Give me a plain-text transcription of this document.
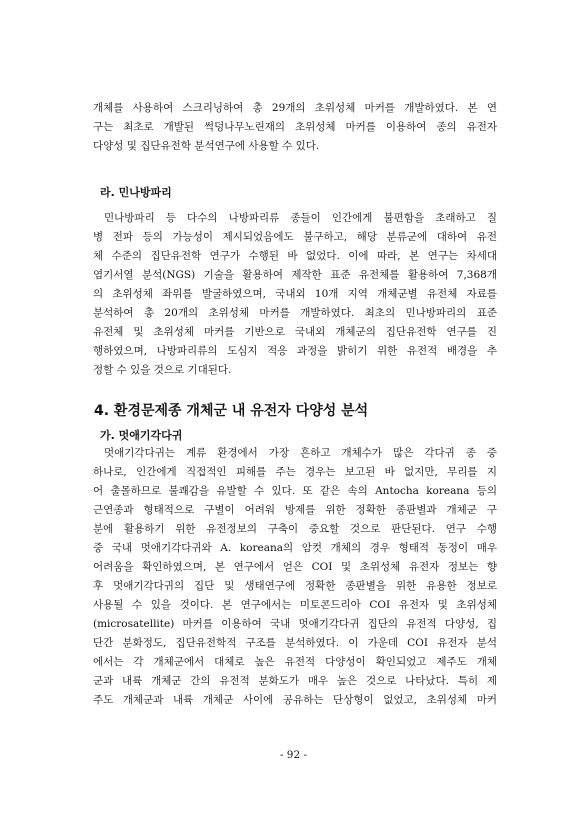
개체를 사용하여 스크리닝하여 총 29개의 초위성체 마커를 개발하였다. 본 연
구는 최초로 개발된 썩덩나무노린재의 초위성체 마커를 이용하여 종의 유전자
다양성 및 집단유전학 분석연구에 사용할 수 있다.
라. 민나방파리
민나방파리 등 다수의 나방파리류 종들이 인간에게 불편함을 초래하고 질
병 전파 등의 가능성이 제시되었음에도 불구하고, 해당 분류군에 대하여 유전
체 수준의 집단유전학 연구가 수행된 바 없었다. 이에 따라, 본 연구는 차세대
염기서열 분석(NGS) 기술을 활용하여 제작한 표준 유전체를 활용하여 7,368개
의 초위성체 좌위를 발굴하였으며, 국내외 10개 지역 개체군별 유전체 자료를
분석하여 총 20개의 초위성체 마커를 개발하였다. 최초의 민나방파리의 표준
유전체 및 초위성체 마커를 기반으로 국내외 개체군의 집단유전학 연구를 진
행하였으며, 나방파리류의 도심지 적응 과정을 밝히기 위한 유전적 배경을 추
정할 수 있을 것으로 기대된다.
4. 환경문제종 개체군 내 유전자 다양성 분석
가. 멋애기각다귀
멋애기각다귀는 계류 환경에서 가장 흔하고 개체수가 많은 각다귀 종 중
하나로, 인간에게 직접적인 피해를 주는 경우는 보고된 바 없지만, 무리를 지
어 출몰하므로 불쾌감을 유발할 수 있다. 또 같은 속의 Antocha koreana 등의
근연종과 형태적으로 구별이 어려워 방제를 위한 정확한 종판별과 개체군 구
분에 활용하기 위한 유전정보의 구축이 중요할 것으로 판단된다. 연구 수행
중 국내 멋애기각다귀와 A. koreana의 암컷 개체의 경우 형태적 동정이 매우
어려움을 확인하였으며, 본 연구에서 얻은 COI 및 초위성체 유전자 정보는 향
후 멋애기각다귀의 집단 및 생태연구에 정확한 종판별을 위한 유용한 정보로
사용될 수 있을 것이다. 본 연구에서는 미토콘드리아 COI 유전자 및 초위성체
(microsatellite) 마커를 이용하여 국내 멋애기각다귀 집단의 유전적 다양성, 집
단간 분화정도, 집단유전학적 구조를 분석하였다. 이 가운데 COI 유전자 분석
에서는 각 개체군에서 대체로 높은 유전적 다양성이 확인되었고 제주도 개체
군과 내륙 개체군 간의 유전적 분화도가 매우 높은 것으로 나타났다. 특히 제
주도 개체군과 내륙 개체군 사이에 공유하는 단상형이 없었고, 초위성체 마커
- 92 -
